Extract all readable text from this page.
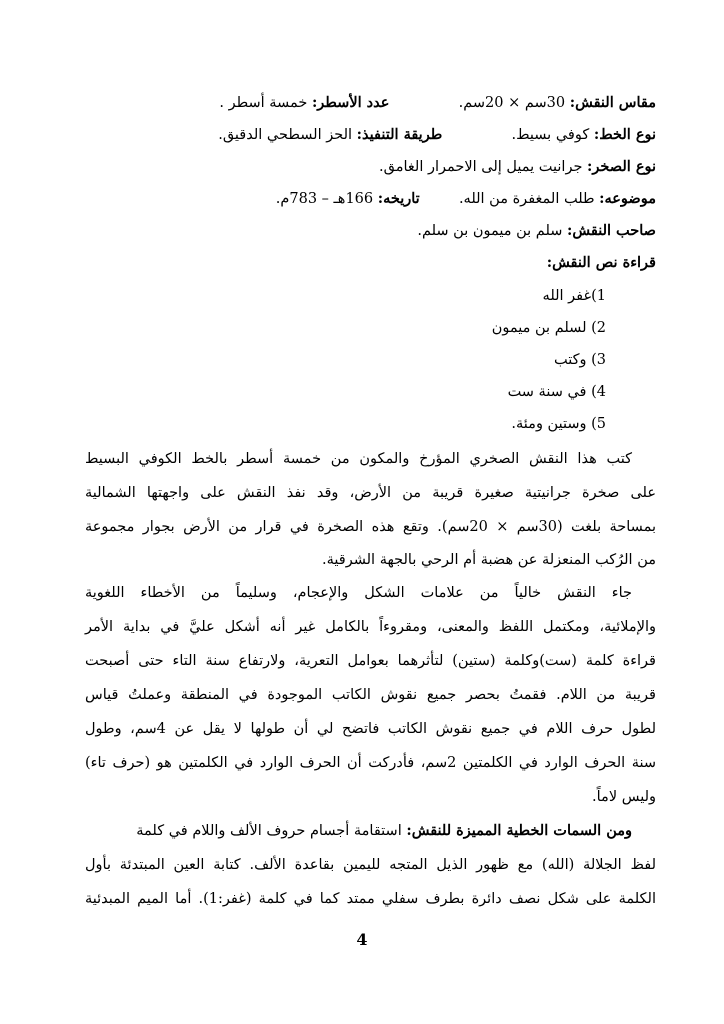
مقاس النقش: 30سم × 20سم.  عدد الأسطر: خمسة أسطر .
نوع الخط: كوفي بسيط.  طريقة التنفيذ: الحز السطحي الدقيق.
نوع الصخر: جرانيت يميل إلى الاحمرار الغامق.
موضوعه: طلب المغفرة من الله.  تاريخه: 166هـ – 783م.
صاحب النقش: سلم بن ميمون بن سلم.
قراءة نص النقش:
1)غفر الله
2) لسلم بن ميمون
3) وكتب
4) في سنة ست
5) وستين ومئة.
كتب هذا النقش الصخري المؤرخ والمكون من خمسة أسطر بالخط الكوفي البسيط
على صخرة جرانيتية صغيرة قريبة من الأرض، وقد نفذ النقش على واجهتها الشمالية
بمساحة بلغت (30سم × 20سم). وتقع هذه الصخرة في قرار من الأرض بجوار مجموعة
من الرُكب المنعزلة عن هضبة أم الرحي بالجهة الشرقية.
جاء النقش خالياً من علامات الشكل والإعجام، وسليماً من الأخطاء اللغوية
والإملائية، ومكتمل اللفظ والمعنى، ومقروءاً بالكامل غير أنه أشكل عليَّ في بداية الأمر
قراءة كلمة (ست)وكلمة (ستين) لتأثرهما بعوامل التعرية، ولارتفاع سنة التاء حتى أصبحت
قريبة من اللام. فقمتُ بحصر جميع نقوش الكاتب الموجودة في المنطقة وعملتُ قياس
لطول حرف اللام في جميع نقوش الكاتب فاتضح لي أن طولها لا يقل عن 4سم، وطول
سنة الحرف الوارد في الكلمتين 2سم، فأدركت أن الحرف الوارد في الكلمتين هو (حرف تاء)
وليس لاماً.
ومن السمات الخطية المميزة للنقش: استقامة أجسام حروف الألف واللام في كلمة
لفظ الجلالة (الله) مع ظهور الذيل المتجه لليمين بقاعدة الألف. كتابة العين المبتدئة بأول
الكلمة على شكل نصف دائرة بطرف سفلي ممتد كما في كلمة (غفر:1). أما الميم المبدئية
4
